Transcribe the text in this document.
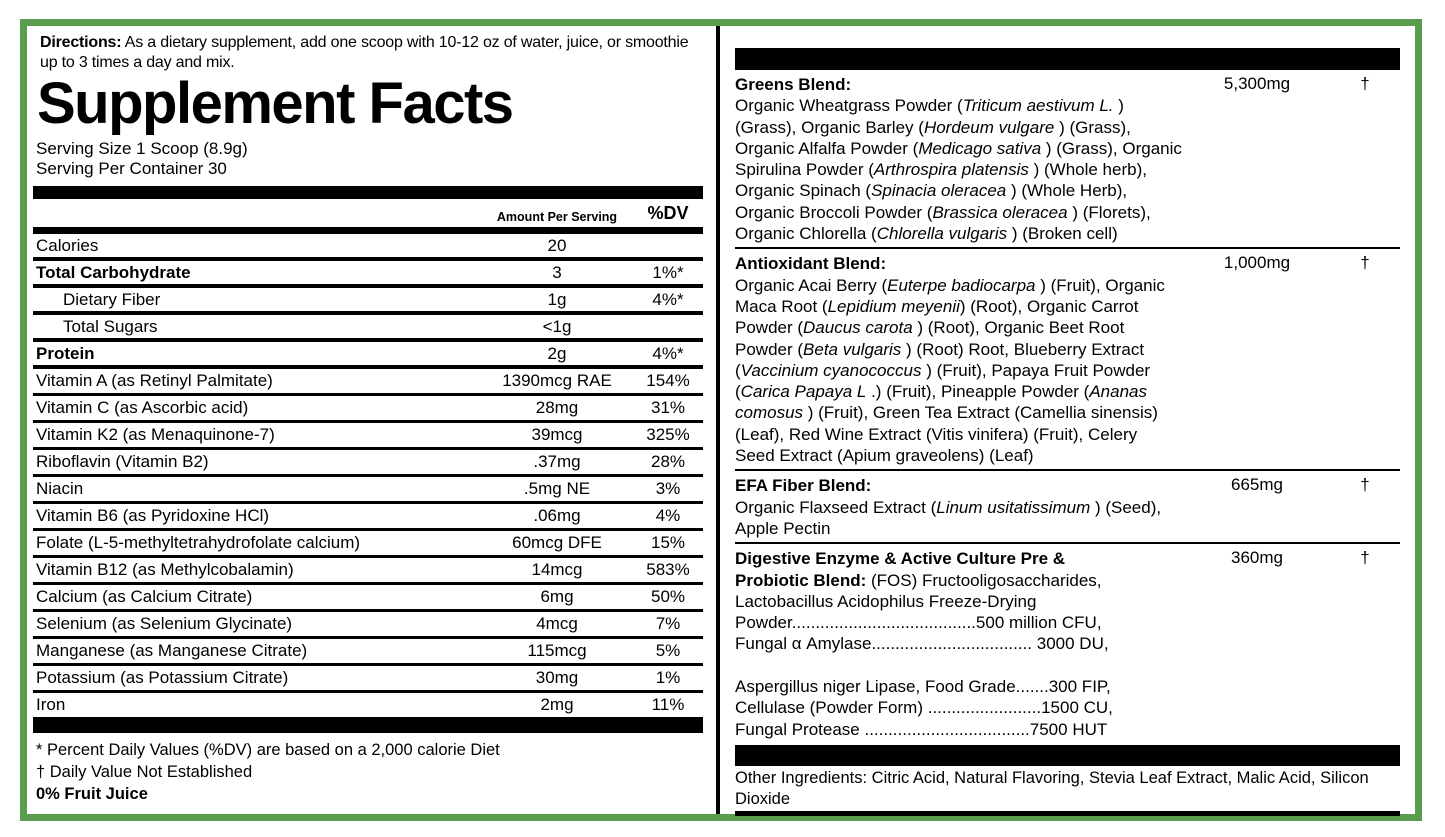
Directions: As a dietary supplement, add one scoop with 10-12 oz of water, juice, or smoothie up to 3 times a day and mix.
Supplement Facts
Serving Size 1 Scoop (8.9g)
Serving Per Container 30
Amount Per Serving	%DV
Calories	20
Total Carbohydrate	3	1%*
Dietary Fiber	1g	4%*
Total Sugars	<1g
Protein	2g	4%*
Vitamin A (as Retinyl Palmitate)	1390mcg RAE	154%
Vitamin C (as Ascorbic acid)	28mg	31%
Vitamin K2 (as Menaquinone-7)	39mcg	325%
Riboflavin (Vitamin B2)	.37mg	28%
Niacin	.5mg NE	3%
Vitamin B6 (as Pyridoxine HCl)	.06mg	4%
Folate (L-5-methyltetrahydrofolate calcium)	60mcg DFE	15%
Vitamin B12 (as Methylcobalamin)	14mcg	583%
Calcium (as Calcium Citrate)	6mg	50%
Selenium (as Selenium Glycinate)	4mcg	7%
Manganese (as Manganese Citrate)	115mcg	5%
Potassium (as Potassium Citrate)	30mg	1%
Iron	2mg	11%
* Percent Daily Values (%DV) are based on a 2,000 calorie Diet
† Daily Value Not Established
0% Fruit Juice
Greens Blend:
Organic Wheatgrass Powder (Triticum aestivum L. )
(Grass), Organic Barley (Hordeum vulgare ) (Grass),
Organic Alfalfa Powder (Medicago sativa ) (Grass), Organic
Spirulina Powder (Arthrospira platensis ) (Whole herb),
Organic Spinach (Spinacia oleracea ) (Whole Herb),
Organic Broccoli Powder (Brassica oleracea ) (Florets),
Organic Chlorella (Chlorella vulgaris ) (Broken cell)
5,300mg	†
Antioxidant Blend:
Organic Acai Berry (Euterpe badiocarpa ) (Fruit), Organic
Maca Root (Lepidium meyenii) (Root), Organic Carrot
Powder (Daucus carota ) (Root), Organic Beet Root
Powder (Beta vulgaris ) (Root) Root, Blueberry Extract
(Vaccinium cyanococcus ) (Fruit), Papaya Fruit Powder
(Carica Papaya L .) (Fruit), Pineapple Powder (Ananas
comosus ) (Fruit), Green Tea Extract (Camellia sinensis)
(Leaf), Red Wine Extract (Vitis vinifera) (Fruit), Celery
Seed Extract (Apium graveolens) (Leaf)
1,000mg	†
EFA Fiber Blend:
Organic Flaxseed Extract (Linum usitatissimum ) (Seed),
Apple Pectin
665mg	†
Digestive Enzyme & Active Culture Pre &
Probiotic Blend: (FOS) Fructooligosaccharides,
Lactobacillus Acidophilus Freeze-Drying
Powder.......................................500 million CFU,
Fungal α Amylase.................................. 3000 DU,
Aspergillus niger Lipase, Food Grade.......300 FIP,
Cellulase (Powder Form) ........................1500 CU,
Fungal Protease ...................................7500 HUT
360mg	†
Other Ingredients: Citric Acid, Natural Flavoring, Stevia Leaf Extract, Malic Acid, Silicon Dioxide
